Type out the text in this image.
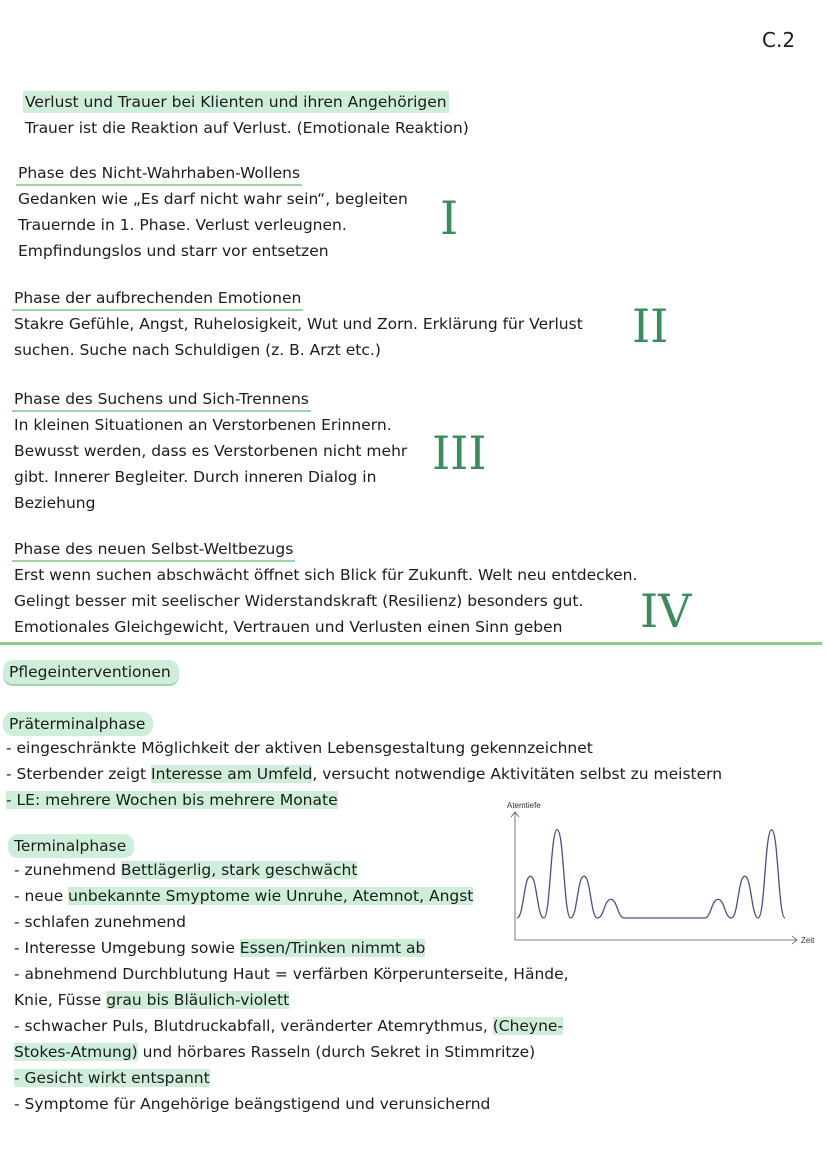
C.2
Verlust und Trauer bei Klienten und ihren Angehörigen
Trauer ist die Reaktion auf Verlust. (Emotionale Reaktion)
Phase des Nicht-Wahrhaben-Wollens
Gedanken wie „Es darf nicht wahr sein“, begleiten
Trauernde in 1. Phase. Verlust verleugnen.
Empfindungslos und starr vor entsetzen
I
Phase der aufbrechenden Emotionen
Stakre Gefühle, Angst, Ruhelosigkeit, Wut und Zorn. Erklärung für Verlust
suchen. Suche nach Schuldigen (z. B. Arzt etc.)	II
Phase des Suchens und Sich-Trennens
In kleinen Situationen an Verstorbenen Erinnern.
Bewusst werden, dass es Verstorbenen nicht mehr
gibt. Innerer Begleiter. Durch inneren Dialog in
Beziehung
III
Phase des neuen Selbst-Weltbezugs
Erst wenn suchen abschwächt öffnet sich Blick für Zukunft. Welt neu entdecken.
Gelingt besser mit seelischer Widerstandskraft (Resilienz) besonders gut.
Emotionales Gleichgewicht, Vertrauen und Verlusten einen Sinn geben IV
Pflegeinterventionen
Präterminalphase
- eingeschränkte Möglichkeit der aktiven Lebensgestaltung gekennzeichnet
- Sterbender zeigt Interesse am Umfeld, versucht notwendige Aktivitäten selbst zu meistern
- LE: mehrere Wochen bis mehrere Monate
Terminalphase
- zunehmend Bettlägerlig, stark geschwächt
- neue unbekannte Smyptome wie Unruhe, Atemnot, Angst
- schlafen zunehmend
- Interesse Umgebung sowie Essen/Trinken nimmt ab
- abnehmend Durchblutung Haut = verfärben Körperunterseite, Hände,
Knie, Füsse grau bis Bläulich-violett
- schwacher Puls, Blutdruckabfall, veränderter Atemrythmus, (Cheyne-
Stokes-Atmung) und hörbares Rasseln (durch Sekret in Stimmritze)
- Gesicht wirkt entspannt
- Symptome für Angehörige beängstigend und verunsichernd
Atemtiefe
Zeit
